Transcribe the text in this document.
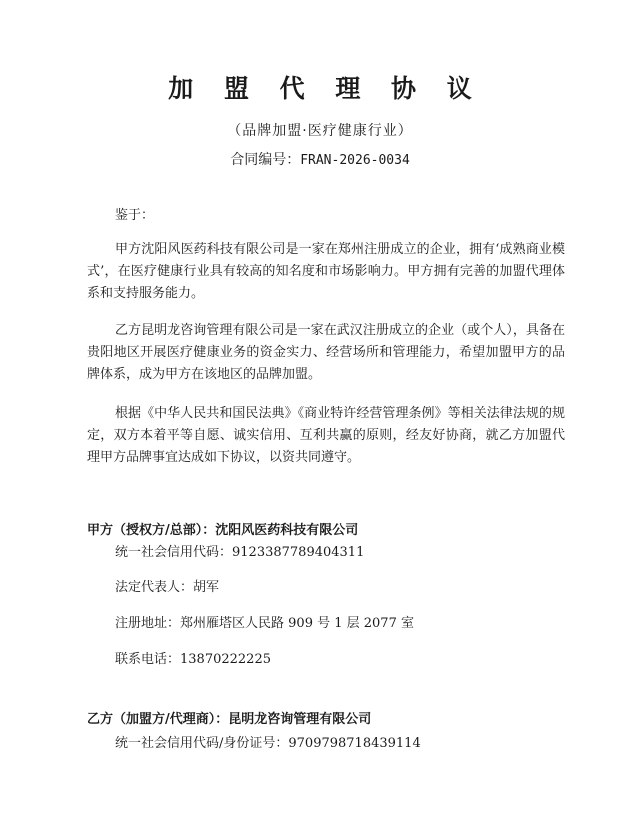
加 盟 代 理 协 议
（品牌加盟·医疗健康行业）
合同编号：FRAN-2026-0034
鉴于：
甲方沈阳风医药科技有限公司是一家在郑州注册成立的企业，拥有‘成熟商业模式’，在医疗健康行业具有较高的知名度和市场影响力。甲方拥有完善的加盟代理体系和支持服务能力。
乙方昆明龙咨询管理有限公司是一家在武汉注册成立的企业（或个人），具备在贵阳地区开展医疗健康业务的资金实力、经营场所和管理能力，希望加盟甲方的品牌体系，成为甲方在该地区的品牌加盟。
根据《中华人民共和国民法典》《商业特许经营管理条例》等相关法律法规的规定，双方本着平等自愿、诚实信用、互利共赢的原则，经友好协商，就乙方加盟代理甲方品牌事宜达成如下协议，以资共同遵守。
甲方（授权方/总部）：沈阳风医药科技有限公司
统一社会信用代码：9123387789404311
法定代表人：胡军
注册地址：郑州雁塔区人民路 909 号 1 层 2077 室
联系电话：13870222225
乙方（加盟方/代理商）：昆明龙咨询管理有限公司
统一社会信用代码/身份证号：9709798718439114
